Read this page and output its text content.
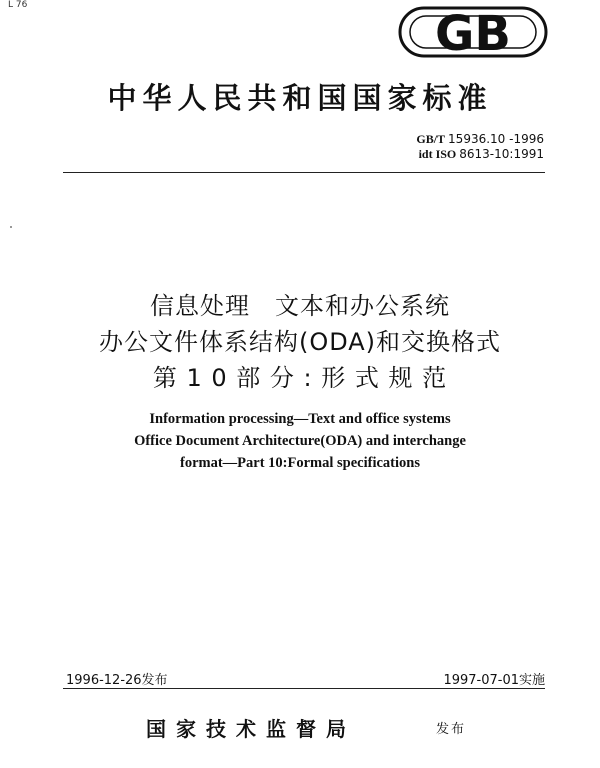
L 76
GB
中华人民共和国国家标准
GB/T 15936.10 -1996
idt ISO 8613-10:1991
信息处理　文本和办公系统
办公文件体系结构(ODA)和交换格式
第 1 0 部 分 : 形 式 规 范
Information processing—Text and office systems
Office Document Architecture(ODA) and interchange
format—Part 10:Formal specifications
1996-12-26发布	1997-07-01实施
国家技术监督局	发布
